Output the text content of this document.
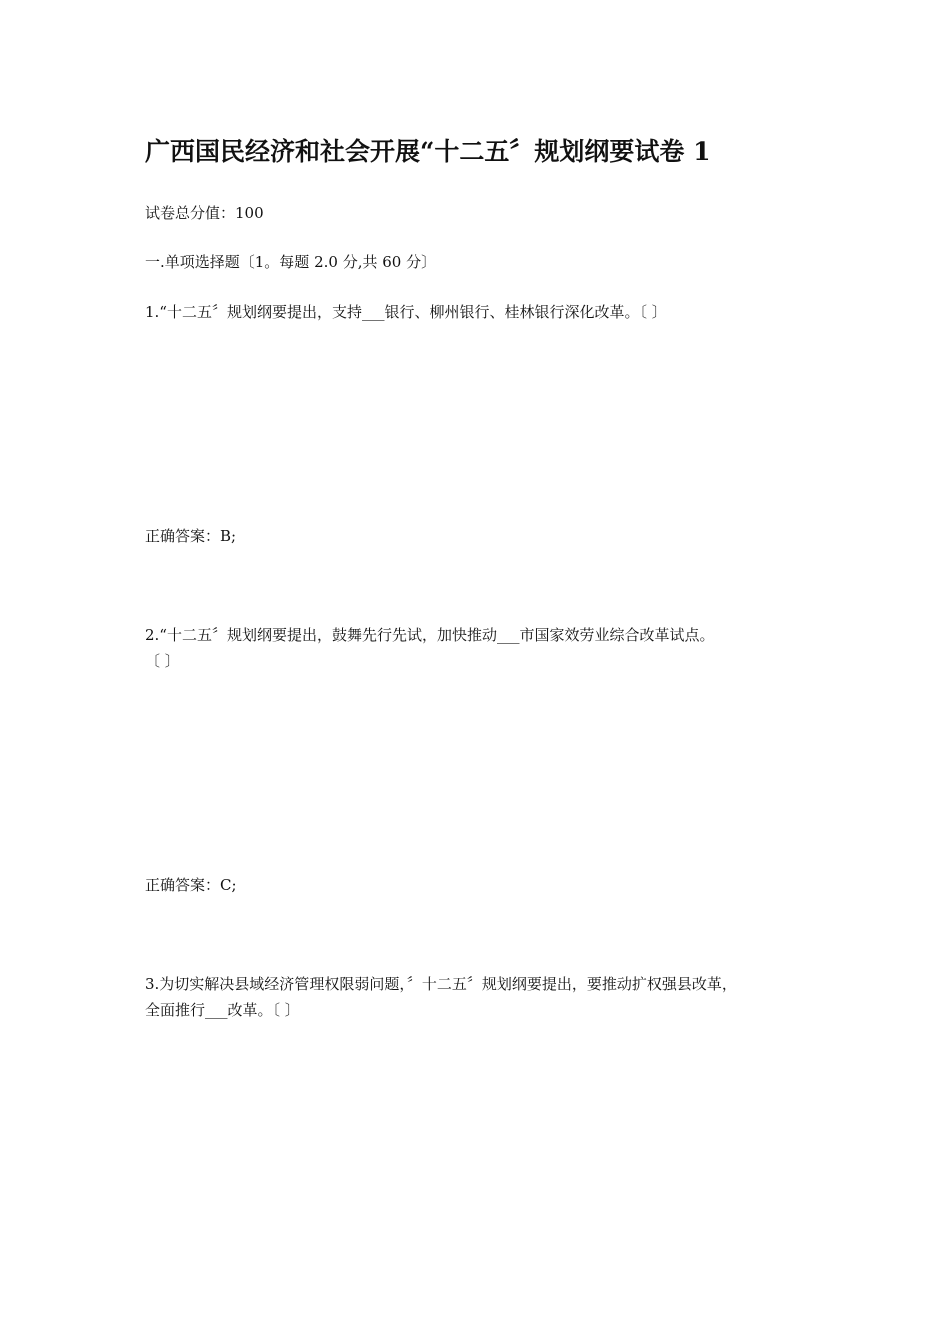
广西国民经济和社会开展“十二五〞规划纲要试卷 1
试卷总分值：100
一.单项选择题〔1。每题 2.0 分,共 60 分〕
1.“十二五〞规划纲要提出，支持___银行、柳州银行、桂林银行深化改革。〔 〕
正确答案：B;
2.“十二五〞规划纲要提出，鼓舞先行先试，加快推动___市国家效劳业综合改革试点。
〔 〕
正确答案：C;
3.为切实解决县域经济管理权限弱问题，〞十二五〞规划纲要提出，要推动扩权强县改革，
全面推行___改革。〔 〕
